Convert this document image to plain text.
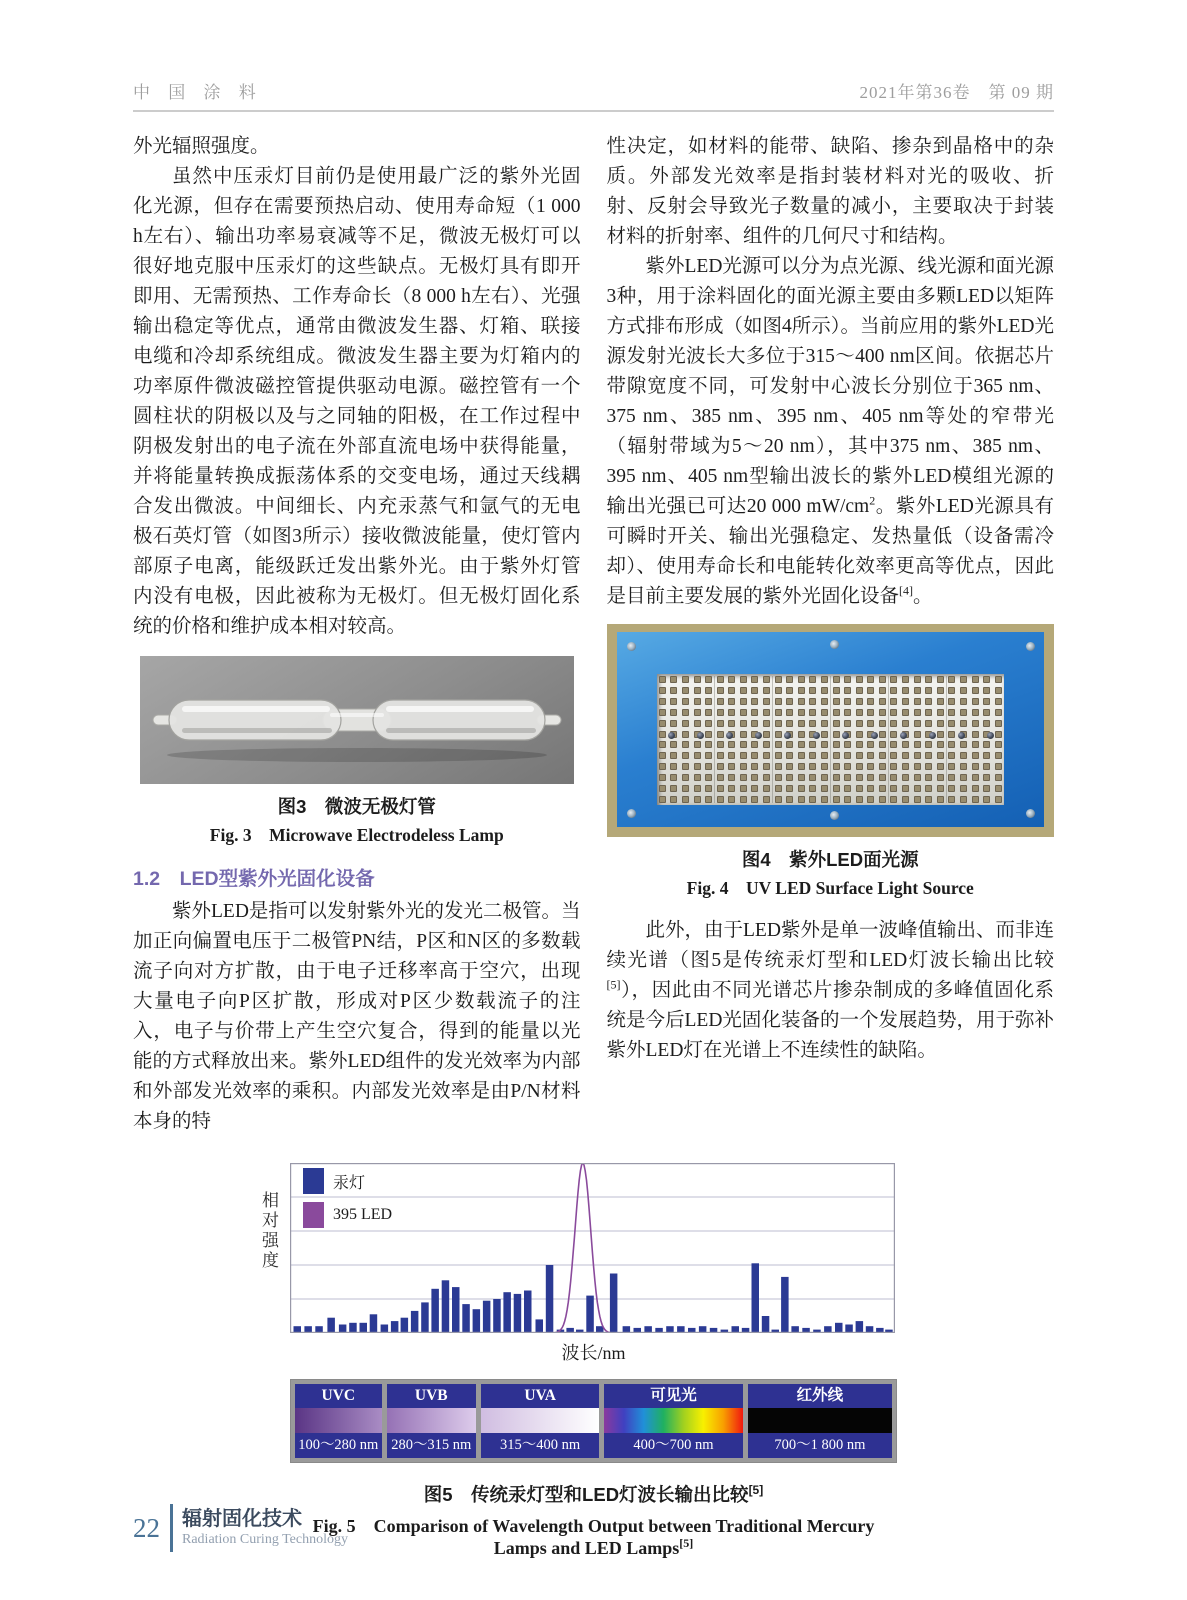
中 国 涂 料	2021年第36卷　第 09 期

外光辐照强度。

虽然中压汞灯目前仍是使用最广泛的紫外光固化光源，但存在需要预热启动、使用寿命短（1 000 h左右）、输出功率易衰减等不足，微波无极灯可以很好地克服中压汞灯的这些缺点。无极灯具有即开即用、无需预热、工作寿命长（8 000 h左右）、光强输出稳定等优点，通常由微波发生器、灯箱、联接电缆和冷却系统组成。微波发生器主要为灯箱内的功率原件微波磁控管提供驱动电源。磁控管有一个圆柱状的阴极以及与之同轴的阳极，在工作过程中阴极发射出的电子流在外部直流电场中获得能量，并将能量转换成振荡体系的交变电场，通过天线耦合发出微波。中间细长、内充汞蒸气和氩气的无电极石英灯管（如图3所示）接收微波能量，使灯管内部原子电离，能级跃迁发出紫外光。由于紫外灯管内没有电极，因此被称为无极灯。但无极灯固化系统的价格和维护成本相对较高。

图3　微波无极灯管
Fig. 3　Microwave Electrodeless Lamp
1.2　LED型紫外光固化设备

紫外LED是指可以发射紫外光的发光二极管。当加正向偏置电压于二极管PN结，P区和N区的多数载流子向对方扩散，由于电子迁移率高于空穴，出现大量电子向P区扩散，形成对P区少数载流子的注入，电子与价带上产生空穴复合，得到的能量以光能的方式释放出来。紫外LED组件的发光效率为内部和外部发光效率的乘积。内部发光效率是由P/N材料本身的特

性决定，如材料的能带、缺陷、掺杂到晶格中的杂质。外部发光效率是指封装材料对光的吸收、折射、反射会导致光子数量的减小，主要取决于封装材料的折射率、组件的几何尺寸和结构。

紫外LED光源可以分为点光源、线光源和面光源3种，用于涂料固化的面光源主要由多颗LED以矩阵方式排布形成（如图4所示）。当前应用的紫外LED光源发射光波长大多位于315～400 nm区间。依据芯片带隙宽度不同，可发射中心波长分别位于365 nm、375 nm、385 nm、395 nm、405 nm等处的窄带光（辐射带域为5～20 nm），其中375 nm、385 nm、395 nm、405 nm型输出波长的紫外LED模组光源的输出光强已可达20 000 $mW/cm^2$。紫外LED光源具有可瞬时开关、输出光强稳定、发热量低（设备需冷却）、使用寿命长和电能转化效率更高等优点，因此是目前主要发展的紫外光固化设备[4]。

图4　紫外LED面光源
Fig. 4　UV LED Surface Light Source

此外，由于LED紫外是单一波峰值输出、而非连续光谱（图5是传统汞灯型和LED灯波长输出比较[5]），因此由不同光谱芯片掺杂制成的多峰值固化系统是今后LED光固化装备的一个发展趋势，用于弥补紫外LED灯在光谱上不连续性的缺陷。

相对强度
汞灯
395 LED
波长/nm
UVC
100～280 nm
UVB
280～315 nm
UVA
315～400 nm
可见光
400～700 nm
红外线
700～1 800 nm
图5　传统汞灯型和LED灯波长输出比较[5]
Fig. 5　Comparison of Wavelength Output between Traditional Mercury Lamps and LED Lamps[5]
22 辐射固化技术
Radiation Curing Technology
